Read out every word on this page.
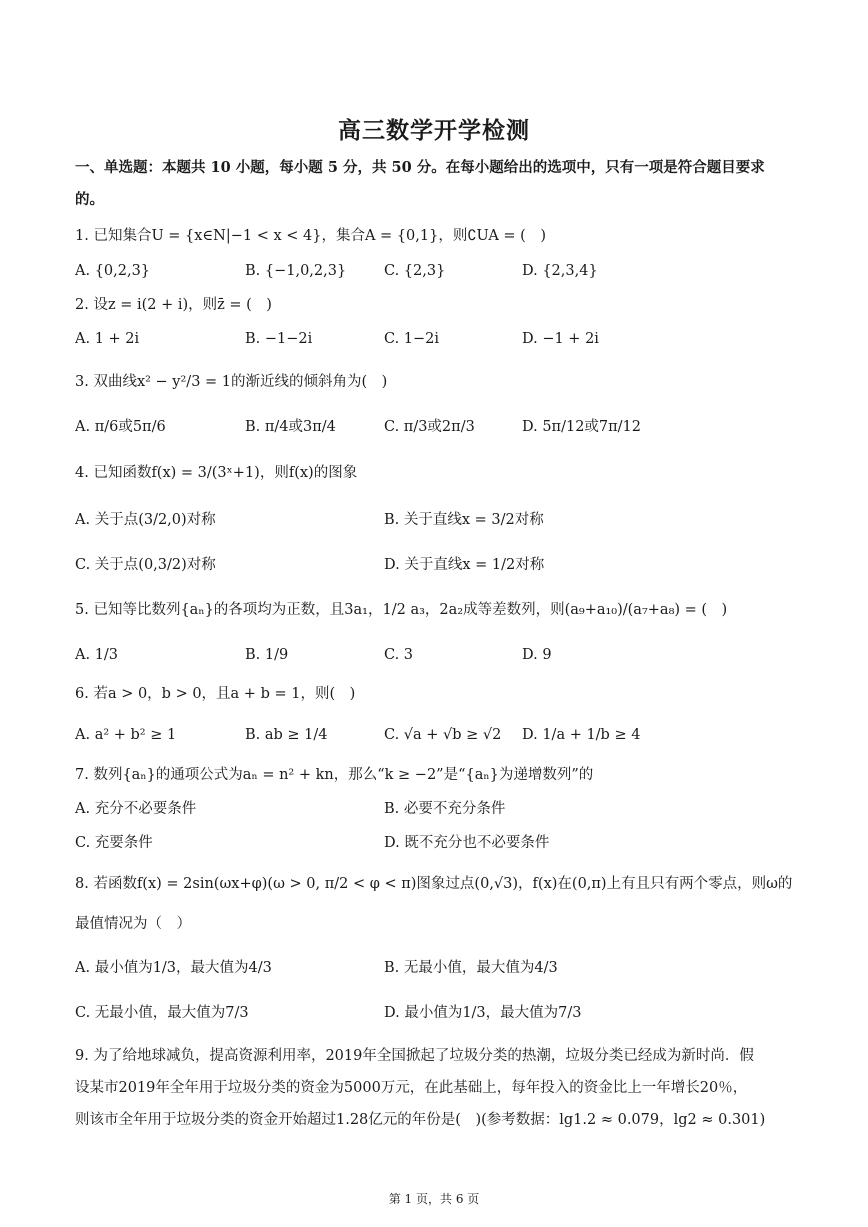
高三数学开学检测
一、单选题：本题共 10 小题，每小题 5 分，共 50 分。在每小题给出的选项中，只有一项是符合题目要求
的。
1. 已知集合U = {x∈N|−1 < x < 4}，集合A = {0,1}，则∁UA = (　)
A. {0,2,3}	B. {−1,0,2,3}	C. {2,3}	D. {2,3,4}
2. 设z = i(2 + i)，则z̄ = (　)
A. 1 + 2i	B. −1−2i	C. 1−2i	D. −1 + 2i
3. 双曲线x² − y²/3 = 1的渐近线的倾斜角为(　)
A. π/6或5π/6	B. π/4或3π/4	C. π/3或2π/3	D. 5π/12或7π/12
4. 已知函数f(x) = 3/(3ˣ+1)，则f(x)的图象
A. 关于点(3/2,0)对称	B. 关于直线x = 3/2对称
C. 关于点(0,3/2)对称	D. 关于直线x = 1/2对称
5. 已知等比数列{aₙ}的各项均为正数，且3a₁，1/2 a₃，2a₂成等差数列，则(a₉+a₁₀)/(a₇+a₈) = (　)
A. 1/3	B. 1/9	C. 3	D. 9
6. 若a > 0，b > 0，且a + b = 1，则(　)
A. a² + b² ≥ 1	B. ab ≥ 1/4	C. √a + √b ≥ √2 D. 1/a + 1/b ≥ 4
7. 数列{aₙ}的通项公式为aₙ = n² + kn，那么“k ≥ −2”是“{aₙ}为递增数列”的
A. 充分不必要条件	B. 必要不充分条件
C. 充要条件	D. 既不充分也不必要条件
8. 若函数f(x) = 2sin(ωx+φ)(ω > 0, π/2 < φ < π)图象过点(0,√3)，f(x)在(0,π)上有且只有两个零点，则ω的
最值情况为（　）
A. 最小值为1/3，最大值为4/3	B. 无最小值，最大值为4/3
C. 无最小值，最大值为7/3	D. 最小值为1/3，最大值为7/3
9. 为了给地球减负，提高资源利用率，2019年全国掀起了垃圾分类的热潮，垃圾分类已经成为新时尚．假
设某市2019年全年用于垃圾分类的资金为5000万元，在此基础上，每年投入的资金比上一年增长20％，
则该市全年用于垃圾分类的资金开始超过1.28亿元的年份是(　)(参考数据：lg1.2 ≈ 0.079，lg2 ≈ 0.301)
第 1 页，共 6 页
